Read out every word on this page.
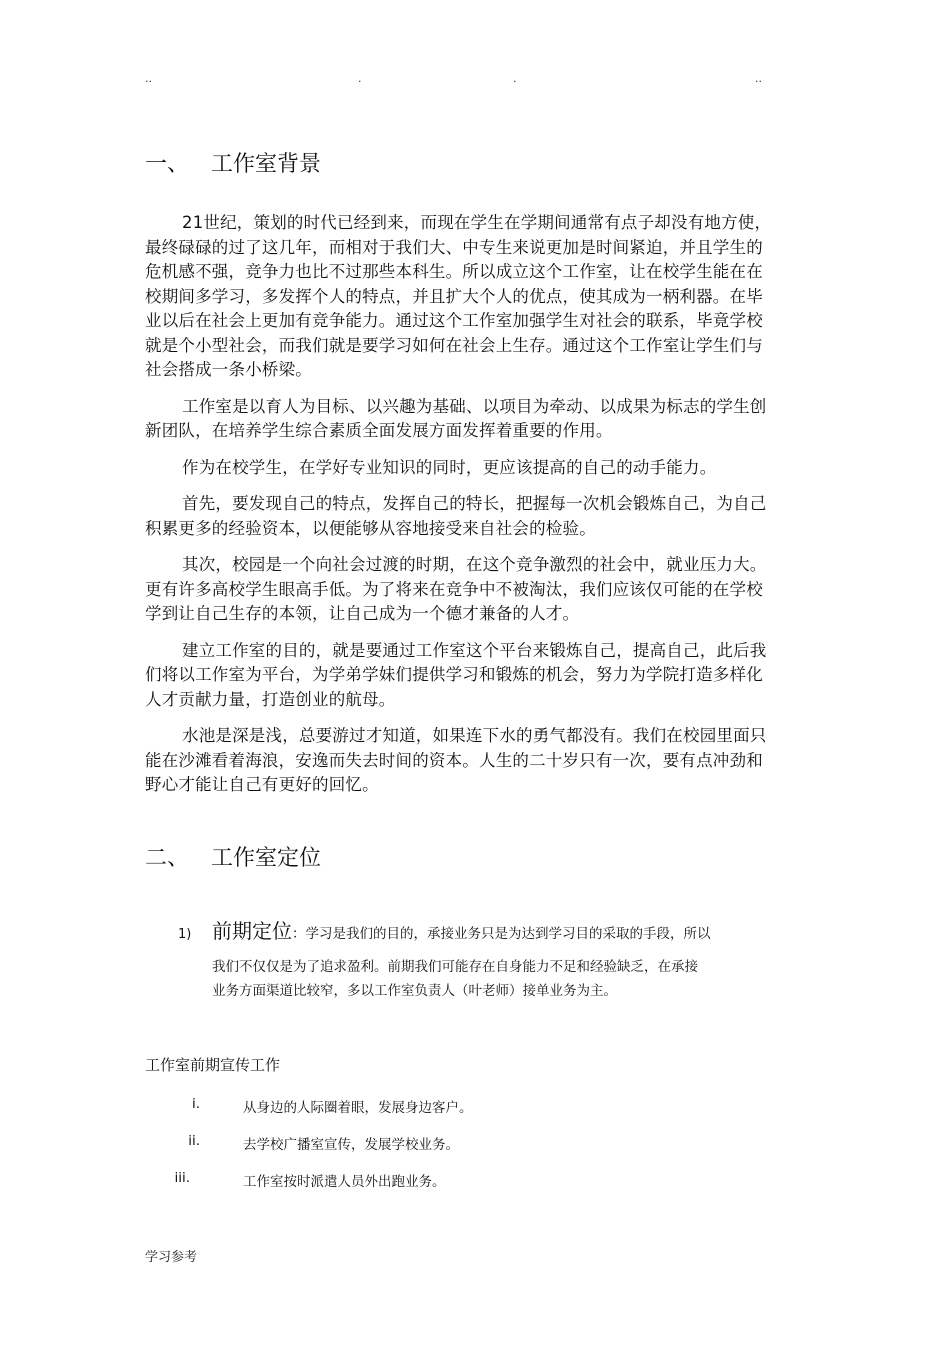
..	.	.	..
一、 工作室背景

21世纪，策划的时代已经到来，而现在学生在学期间通常有点子却没有地方使，最终碌碌的过了这几年，而相对于我们大、中专生来说更加是时间紧迫，并且学生的危机感不强，竞争力也比不过那些本科生。所以成立这个工作室，让在校学生能在在校期间多学习，多发挥个人的特点，并且扩大个人的优点，使其成为一柄利器。在毕业以后在社会上更加有竞争能力。通过这个工作室加强学生对社会的联系，毕竟学校就是个小型社会，而我们就是要学习如何在社会上生存。通过这个工作室让学生们与社会搭成一条小桥梁。

工作室是以育人为目标、以兴趣为基础、以项目为牵动、以成果为标志的学生创新团队，在培养学生综合素质全面发展方面发挥着重要的作用。

作为在校学生，在学好专业知识的同时，更应该提高的自己的动手能力。

首先，要发现自己的特点，发挥自己的特长，把握每一次机会锻炼自己，为自己积累更多的经验资本，以便能够从容地接受来自社会的检验。

其次，校园是一个向社会过渡的时期，在这个竞争激烈的社会中，就业压力大。更有许多高校学生眼高手低。为了将来在竞争中不被淘汰，我们应该仅可能的在学校学到让自己生存的本领，让自己成为一个德才兼备的人才。

建立工作室的目的，就是要通过工作室这个平台来锻炼自己，提高自己，此后我们将以工作室为平台，为学弟学妹们提供学习和锻炼的机会，努力为学院打造多样化人才贡献力量，打造创业的航母。

水池是深是浅，总要游过才知道，如果连下水的勇气都没有。我们在校园里面只能在沙滩看着海浪，安逸而失去时间的资本。人生的二十岁只有一次，要有点冲劲和野心才能让自己有更好的回忆。

二、 工作室定位
1) 前期定位：学习是我们的目的，承接业务只是为达到学习目的采取的手段，所以
我们不仅仅是为了追求盈利。前期我们可能存在自身能力不足和经验缺乏，在承接
业务方面渠道比较窄，多以工作室负责人（叶老师）接单业务为主。
工作室前期宣传工作
i.	从身边的人际圈着眼，发展身边客户。
ii.	去学校广播室宣传，发展学校业务。
iii.	工作室按时派遣人员外出跑业务。
学习参考
